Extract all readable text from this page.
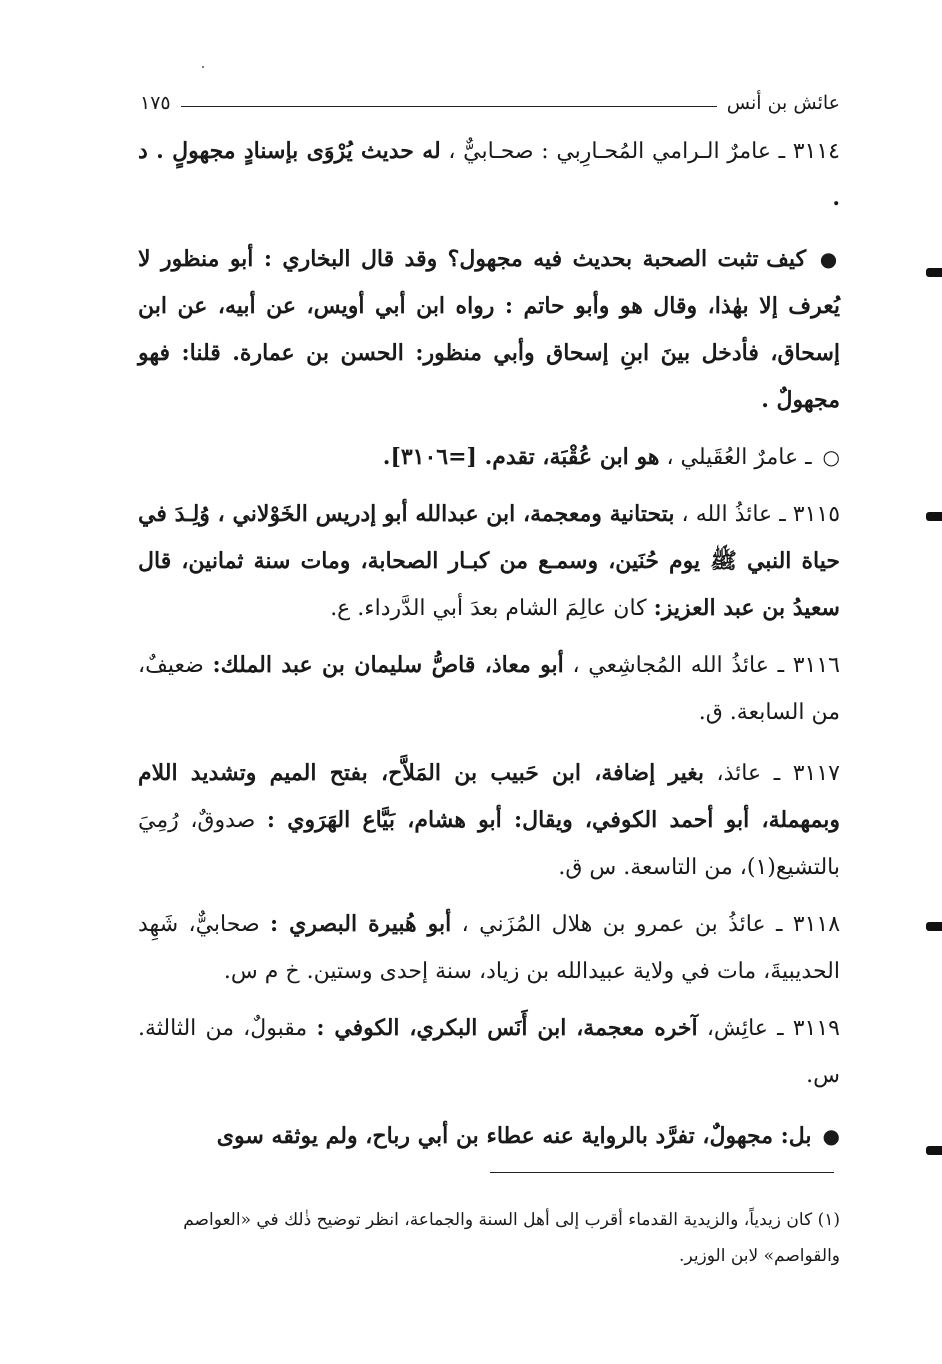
عائش بن أنس
١٧٥

٣١١٤ ـ عامرٌ الـرامي المُحـارِبي : صحـابيٌّ ، له حديث يُرْوَى بإسنادٍ مجهولٍ . د .

● كيف تثبت الصحبة بحديث فيه مجهول؟ وقد قال البخاري : أبو منظور لا يُعرف إلا بهٰذا، وقال هو وأبو حاتم : رواه ابن أبي أويس، عن أبيه، عن ابن إسحاق، فأدخل بينَ ابنِ إسحاق وأبي منظور: الحسن بن عمارة. قلنا: فهو مجهولٌ .

○ ـ عامرٌ العُقَيلي ، هو ابن عُقْبَة، تقدم. [=٣١٠٦].

٣١١٥ ـ عائذُ الله ، بتحتانية ومعجمة، ابن عبدالله أبو إدريس الخَوْلاني ، وُلِـدَ في حياة النبي ﷺ يوم حُنَين، وسمـع من كبـار الصحابة، ومات سنة ثمانين، قال سعيدُ بن عبد العزيز: كان عالِمَ الشام بعدَ أبي الدَّرداء. ع.

٣١١٦ ـ عائذُ الله المُجاشِعي ، أبو معاذ، قاصُّ سليمان بن عبد الملك: ضعيفٌ، من السابعة. ق.

٣١١٧ ـ عائذ، بغير إضافة، ابن حَبيب بن المَلاَّح، بفتح الميم وتشديد اللام وبمهملة، أبو أحمد الكوفي، ويقال: أبو هشام، بَيَّاع الهَرَوي : صدوقٌ، رُمِيَ بالتشيع(١)، من التاسعة. س ق.

٣١١٨ ـ عائذُ بن عمرو بن هلال المُزَني ، أبو هُبيرة البصري : صحابيٌّ، شَهِد الحديبيةَ، مات في ولاية عبيدالله بن زياد، سنة إحدى وستين. خ م س.

٣١١٩ ـ عائِش، آخره معجمة، ابن أَنَس البكري، الكوفي : مقبولٌ، من الثالثة. س.

● بل: مجهولٌ، تفرَّد بالرواية عنه عطاء بن أبي رباح، ولم يوثقه سوى

(١) كان زيدياً، والزيدية القدماء أقرب إلى أهل السنة والجماعة، انظر توضيح ذٰلك في «العواصم والقواصم» لابن الوزير.
